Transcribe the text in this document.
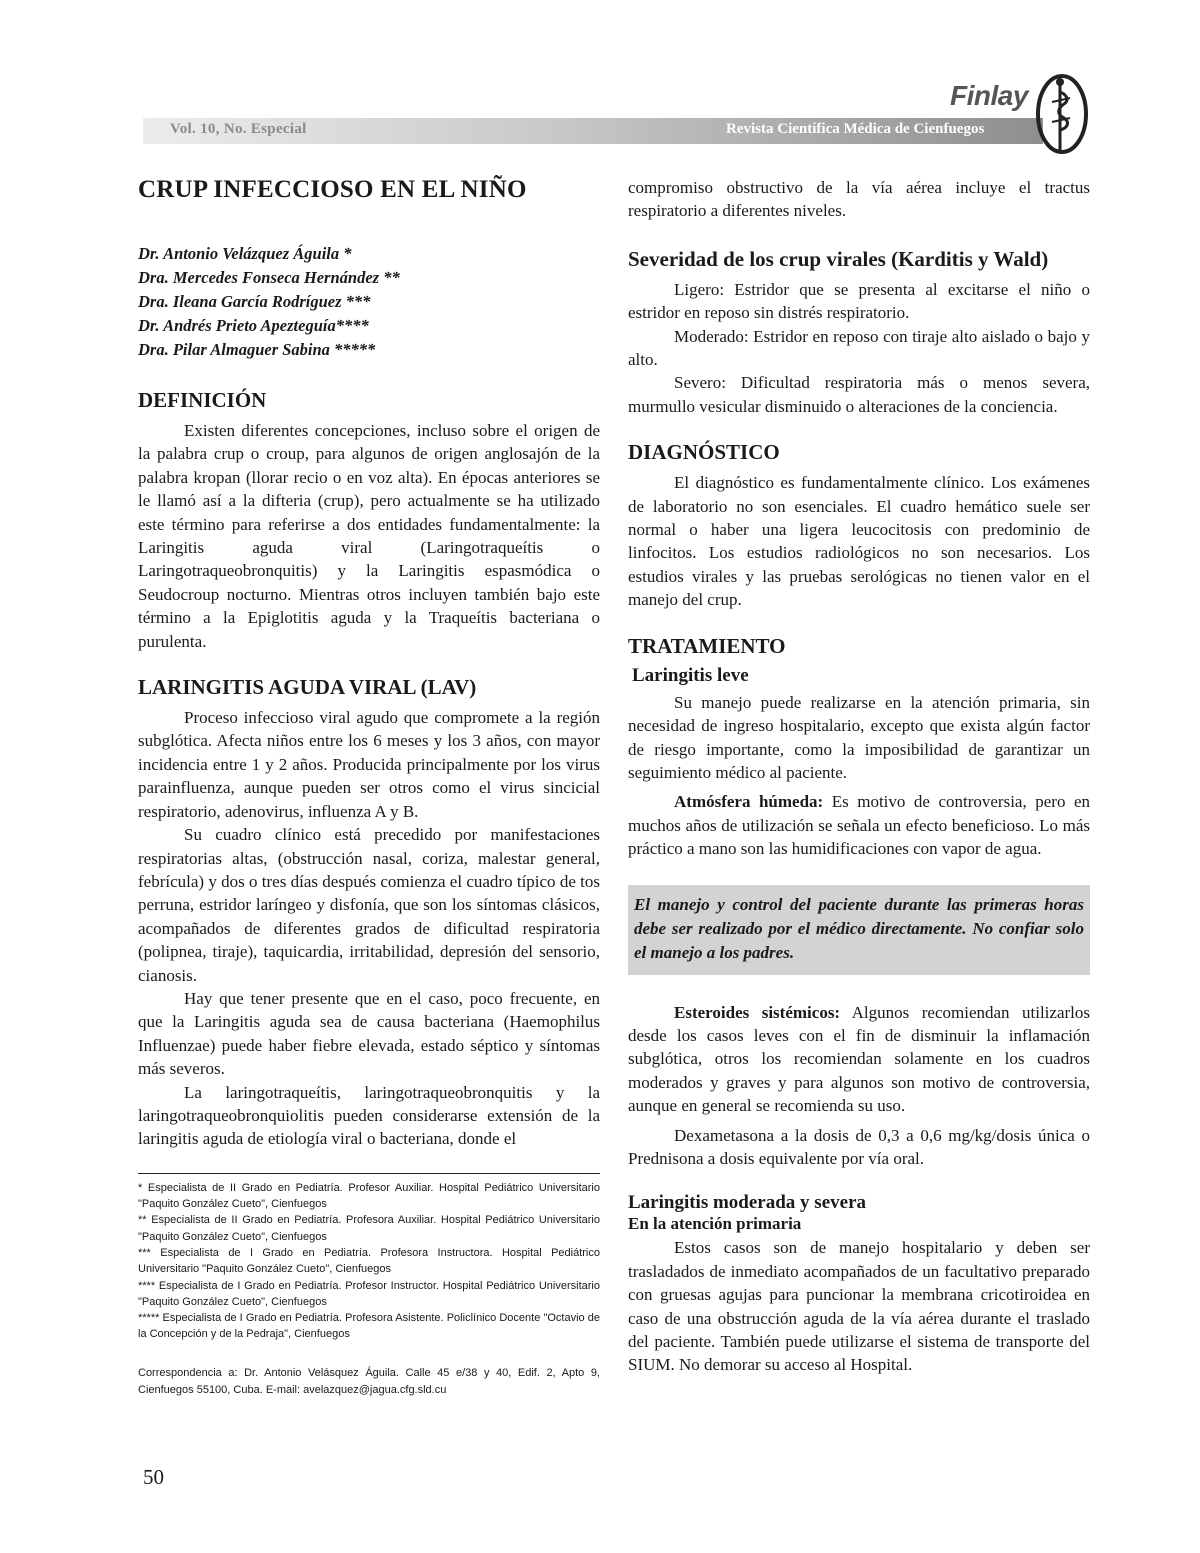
Vol. 10, No. Especial	Revista Científica Médica de Cienfuegos
Finlay
CRUP INFECCIOSO EN EL NIÑO
Dr. Antonio Velázquez Águila *
Dra. Mercedes Fonseca Hernández **
Dra. Ileana García Rodríguez ***
Dr. Andrés Prieto Apezteguía****
Dra. Pilar Almaguer Sabina *****
DEFINICIÓN

Existen diferentes concepciones, incluso sobre el origen de la palabra crup o croup, para algunos de origen anglosajón de la palabra kropan (llorar recio o en voz alta). En épocas anteriores se le llamó así a la difteria (crup), pero actualmente se ha utilizado este término para referirse a dos entidades fundamentalmente: la Laringitis aguda viral (Laringotraqueítis o Laringotraqueobronquitis) y la Laringitis espasmódica o Seudocroup nocturno. Mientras otros incluyen también bajo este término a la Epiglotitis aguda y la Traqueítis bacteriana o purulenta.

LARINGITIS AGUDA VIRAL (LAV)

Proceso infeccioso viral agudo que compromete a la región subglótica. Afecta niños entre los 6 meses y los 3 años, con mayor incidencia entre 1 y 2 años. Producida principalmente por los virus parainfluenza, aunque pueden ser otros como el virus sincicial respiratorio, adenovirus, influenza A y B.

Su cuadro clínico está precedido por manifestaciones respiratorias altas, (obstrucción nasal, coriza, malestar general, febrícula) y dos o tres días después comienza el cuadro típico de tos perruna, estridor laríngeo y disfonía, que son los síntomas clásicos, acompañados de diferentes grados de dificultad respiratoria (polipnea, tiraje), taquicardia, irritabilidad, depresión del sensorio, cianosis.

Hay que tener presente que en el caso, poco frecuente, en que la Laringitis aguda sea de causa bacteriana (Haemophilus Influenzae) puede haber fiebre elevada, estado séptico y síntomas más severos.

La laringotraqueítis, laringotraqueobronquitis y la laringotraqueobronquiolitis pueden considerarse extensión de la laringitis aguda de etiología viral o bacteriana, donde el

* Especialista de II Grado en Pediatría. Profesor Auxiliar. Hospital Pediátrico Universitario "Paquito González Cueto", Cienfuegos

** Especialista de II Grado en Pediatría. Profesora Auxiliar. Hospital Pediátrico Universitario "Paquito González Cueto", Cienfuegos

*** Especialista de I Grado en Pediatría. Profesora Instructora. Hospital Pediátrico Universitario "Paquito González Cueto", Cienfuegos

**** Especialista de I Grado en Pediatría. Profesor Instructor. Hospital Pediátrico Universitario "Paquito González Cueto", Cienfuegos

***** Especialista de I Grado en Pediatría. Profesora Asistente. Policlínico Docente "Octavio de la Concepción y de la Pedraja", Cienfuegos

Correspondencia a: Dr. Antonio Velásquez Águila. Calle 45 e/38 y 40, Edif. 2, Apto 9, Cienfuegos 55100, Cuba. E-mail: avelazquez@jagua.cfg.sld.cu

compromiso obstructivo de la vía aérea incluye el tractus respiratorio a diferentes niveles.

Severidad de los crup virales (Karditis y Wald)

Ligero: Estridor que se presenta al excitarse el niño o estridor en reposo sin distrés respiratorio.

Moderado: Estridor en reposo con tiraje alto aislado o bajo y alto.

Severo: Dificultad respiratoria más o menos severa, murmullo vesicular disminuido o alteraciones de la conciencia.

DIAGNÓSTICO

El diagnóstico es fundamentalmente clínico. Los exámenes de laboratorio no son esenciales. El cuadro hemático suele ser normal o haber una ligera leucocitosis con predominio de linfocitos. Los estudios radiológicos no son necesarios. Los estudios virales y las pruebas serológicas no tienen valor en el manejo del crup.

TRATAMIENTO
Laringitis leve

Su manejo puede realizarse en la atención primaria, sin necesidad de ingreso hospitalario, excepto que exista algún factor de riesgo importante, como la imposibilidad de garantizar un seguimiento médico al paciente.

Atmósfera húmeda: Es motivo de controversia, pero en muchos años de utilización se señala un efecto beneficioso. Lo más práctico a mano son las humidificaciones con vapor de agua.

El manejo y control del paciente durante las primeras horas debe ser realizado por el médico directamente. No confiar solo el manejo a los padres.

Esteroides sistémicos: Algunos recomiendan utilizarlos desde los casos leves con el fin de disminuir la inflamación subglótica, otros los recomiendan solamente en los cuadros moderados y graves y para algunos son motivo de controversia, aunque en general se recomienda su uso.

Dexametasona a la dosis de 0,3 a 0,6 mg/kg/dosis única o Prednisona a dosis equivalente por vía oral.

Laringitis moderada y severa
En la atención primaria

Estos casos son de manejo hospitalario y deben ser trasladados de inmediato acompañados de un facultativo preparado con gruesas agujas para puncionar la membrana cricotiroidea en caso de una obstrucción aguda de la vía aérea durante el traslado del paciente. También puede utilizarse el sistema de transporte del SIUM. No demorar su acceso al Hospital.

50
